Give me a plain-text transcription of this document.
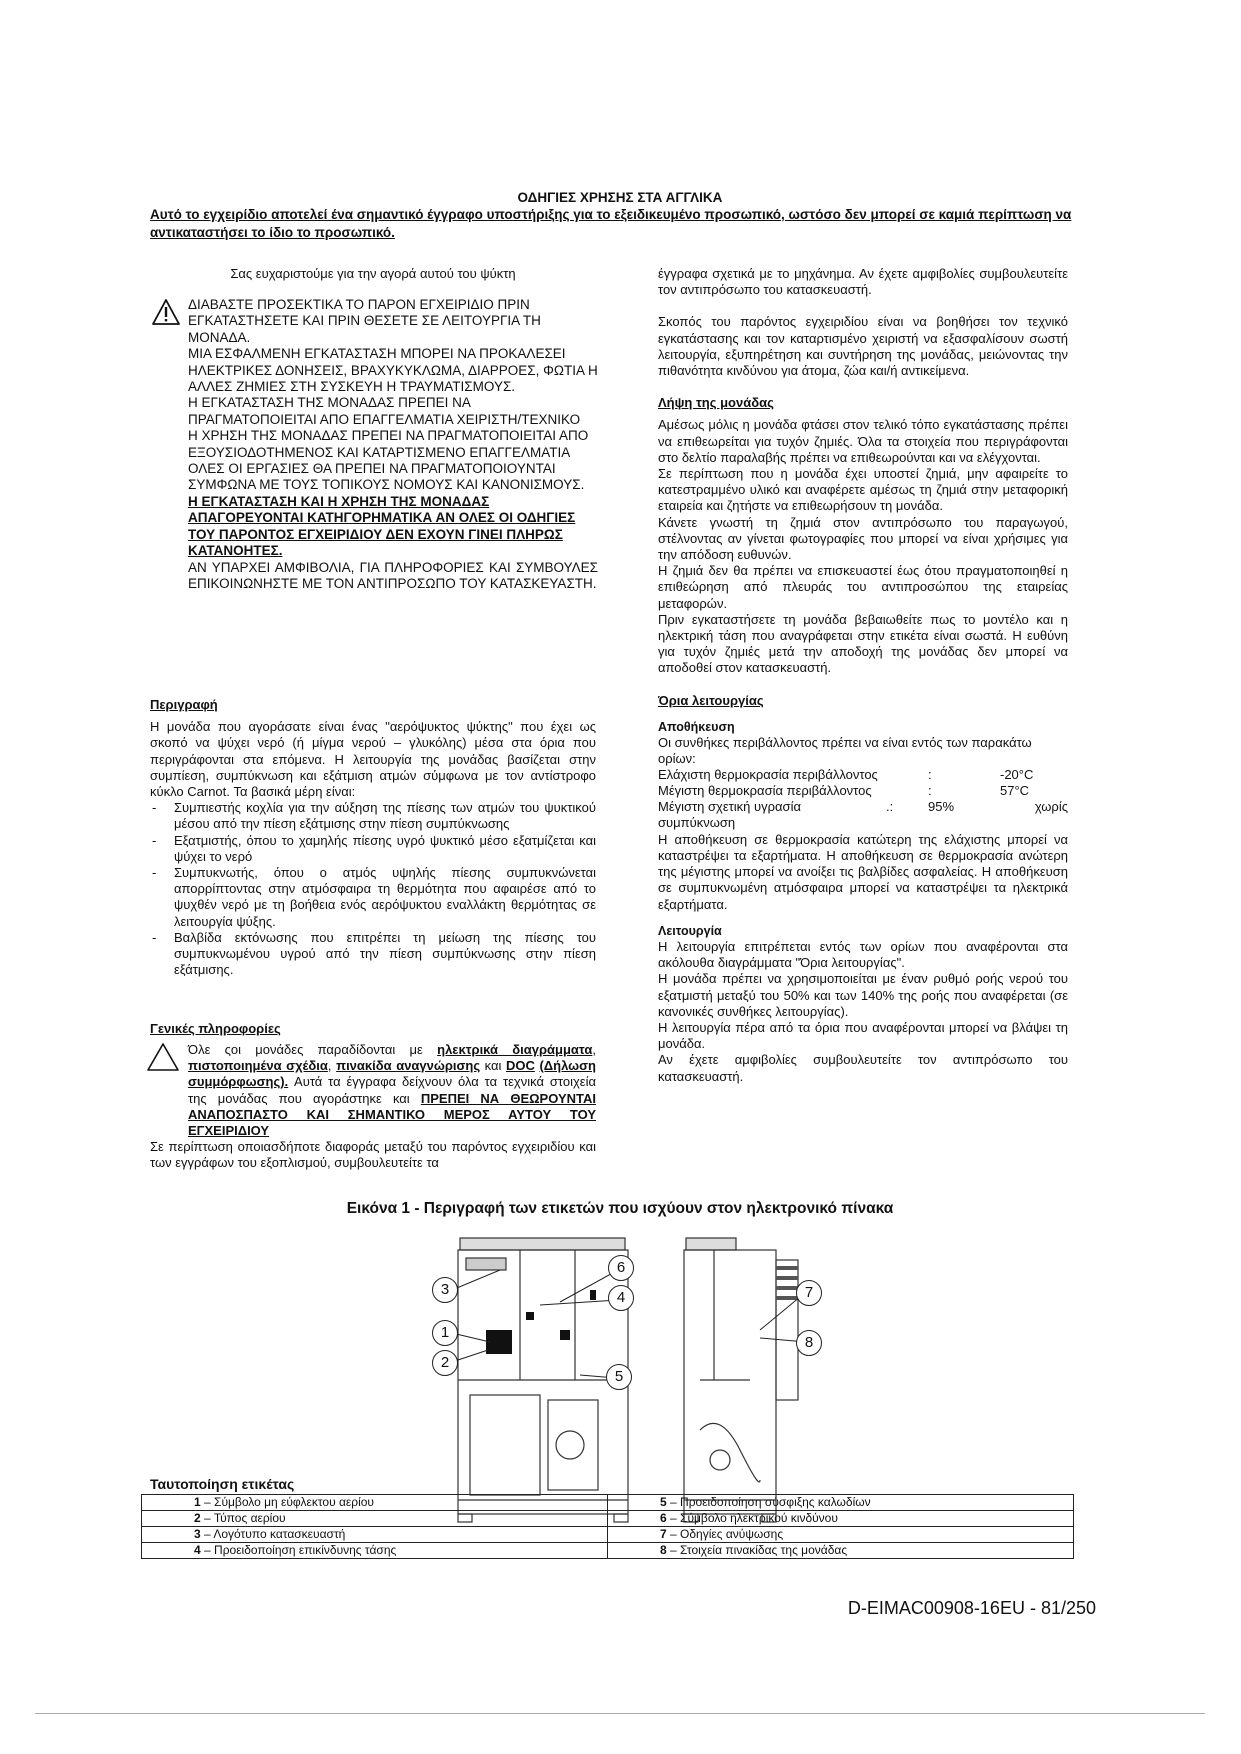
ΟΔΗΓΙΕΣ ΧΡΗΣΗΣ ΣΤΑ ΑΓΓΛΙΚΑ
Αυτό το εγχειρίδιο αποτελεί ένα σημαντικό έγγραφο υποστήριξης για το εξειδικευμένο προσωπικό, ωστόσο δεν μπορεί σε καμιά περίπτωση να αντικαταστήσει το ίδιο το προσωπικό.
Σας ευχαριστούμε για την αγορά αυτού του ψύκτη

ΔΙΑΒΑΣΤΕ ΠΡΟΣΕΚΤΙΚΑ ΤΟ ΠΑΡΟΝ ΕΓΧΕΙΡΙΔΙΟ ΠΡΙΝ ΕΓΚΑΤΑΣΤΗΣΕΤΕ ΚΑΙ ΠΡΙΝ ΘΕΣΕΤΕ ΣΕ ΛΕΙΤΟΥΡΓΙΑ ΤΗ ΜΟΝΑΔΑ.

ΜΙΑ ΕΣΦΑΛΜΕΝΗ ΕΓΚΑΤΑΣΤΑΣΗ ΜΠΟΡΕΙ ΝΑ ΠΡΟΚΑΛΕΣΕΙ ΗΛΕΚΤΡΙΚΕΣ ΔΟΝΗΣΕΙΣ, ΒΡΑΧΥΚΥΚΛΩΜΑ, ΔΙΑΡΡΟΕΣ, ΦΩΤΙΑ Η ΑΛΛΕΣ ΖΗΜΙΕΣ ΣΤΗ ΣΥΣΚΕΥΗ Η ΤΡΑΥΜΑΤΙΣΜΟΥΣ.

Η ΕΓΚΑΤΑΣΤΑΣΗ ΤΗΣ ΜΟΝΑΔΑΣ ΠΡΕΠΕΙ ΝΑ ΠΡΑΓΜΑΤΟΠΟΙΕΙΤΑΙ ΑΠΟ ΕΠΑΓΓΕΛΜΑΤΙΑ ΧΕΙΡΙΣΤΗ/ΤΕΧΝΙΚΟ

Η ΧΡΗΣΗ ΤΗΣ ΜΟΝΑΔΑΣ ΠΡΕΠΕΙ ΝΑ ΠΡΑΓΜΑΤΟΠΟΙΕΙΤΑΙ ΑΠΟ ΕΞΟΥΣΙΟΔΟΤΗΜΕΝΟΣ ΚΑΙ ΚΑΤΑΡΤΙΣΜΕΝΟ ΕΠΑΓΓΕΛΜΑΤΙΑ

ΟΛΕΣ ΟΙ ΕΡΓΑΣΙΕΣ ΘΑ ΠΡΕΠΕΙ ΝΑ ΠΡΑΓΜΑΤΟΠΟΙΟΥΝΤΑΙ ΣΥΜΦΩΝΑ ΜΕ ΤΟΥΣ ΤΟΠΙΚΟΥΣ ΝΟΜΟΥΣ ΚΑΙ ΚΑΝΟΝΙΣΜΟΥΣ.

Η ΕΓΚΑΤΑΣΤΑΣΗ ΚΑΙ Η ΧΡΗΣΗ ΤΗΣ ΜΟΝΑΔΑΣ ΑΠΑΓΟΡΕΥΟΝΤΑΙ ΚΑΤΗΓΟΡΗΜΑΤΙΚΑ ΑΝ ΟΛΕΣ ΟΙ ΟΔΗΓΙΕΣ ΤΟΥ ΠΑΡΟΝΤΟΣ ΕΓΧΕΙΡΙΔΙΟΥ ΔΕΝ ΕΧΟΥΝ ΓΙΝΕΙ ΠΛΗΡΩΣ ΚΑΤΑΝΟΗΤΕΣ.

ΑΝ ΥΠΑΡΧΕΙ ΑΜΦΙΒΟΛΙΑ, ΓΙΑ ΠΛΗΡΟΦΟΡΙΕΣ ΚΑΙ ΣΥΜΒΟΥΛΕΣ ΕΠΙΚΟΙΝΩΝΗΣΤΕ ΜΕ ΤΟΝ ΑΝΤΙΠΡΟΣΩΠΟ ΤΟΥ ΚΑΤΑΣΚΕΥΑΣΤΗ.

Περιγραφή

Η μονάδα που αγοράσατε είναι ένας "αερόψυκτος ψύκτης" που έχει ως σκοπό να ψύχει νερό (ή μίγμα νερού – γλυκόλης) μέσα στα όρια που περιγράφονται στα επόμενα. Η λειτουργία της μονάδας βασίζεται στην συμπίεση, συμπύκνωση και εξάτμιση ατμών σύμφωνα με τον αντίστροφο κύκλο Carnot. Τα βασικά μέρη είναι:

- Συμπιεστής κοχλία για την αύξηση της πίεσης των ατμών του ψυκτικού μέσου από την πίεση εξάτμισης στην πίεση συμπύκνωσης
- Εξατμιστής, όπου το χαμηλής πίεσης υγρό ψυκτικό μέσο εξατμίζεται και ψύχει το νερό
- Συμπυκνωτής, όπου ο ατμός υψηλής πίεσης συμπυκνώνεται απορρίπτοντας στην ατμόσφαιρα τη θερμότητα που αφαιρέσε από το ψυχθέν νερό με τη βοήθεια ενός αερόψυκτου εναλλάκτη θερμότητας σε λειτουργία ψύξης.
- Βαλβίδα εκτόνωσης που επιτρέπει τη μείωση της πίεσης του συμπυκνωμένου υγρού από την πίεση συμπύκνωσης στην πίεση εξάτμισης.
Γενικές πληροφορίες
Όλε ςοι μονάδες παραδίδονται με ηλεκτρικά διαγράμματα, πιστοποιημένα σχέδια, πινακίδα αναγνώρισης και DOC (Δήλωση συμμόρφωσης). Αυτά τα έγγραφα δείχνουν όλα τα τεχνικά στοιχεία της μονάδας που αγοράστηκε και ΠΡΕΠΕΙ ΝΑ ΘΕΩΡΟΥΝΤΑΙ ΑΝΑΠΟΣΠΑΣΤΟ ΚΑΙ ΣΗΜΑΝΤΙΚΟ ΜΕΡΟΣ ΑΥΤΟΥ ΤΟΥ ΕΓΧΕΙΡΙΔΙΟΥ
Σε περίπτωση οποιασδήποτε διαφοράς μεταξύ του παρόντος εγχειριδίου και των εγγράφων του εξοπλισμού, συμβουλευτείτε τα

έγγραφα σχετικά με το μηχάνημα. Αν έχετε αμφιβολίες συμβουλευτείτε τον αντιπρόσωπο του κατασκευαστή.

Σκοπός του παρόντος εγχειριδίου είναι να βοηθήσει τον τεχνικό εγκατάστασης και τον καταρτισμένο χειριστή να εξασφαλίσουν σωστή λειτουργία, εξυπηρέτηση και συντήρηση της μονάδας, μειώνοντας την πιθανότητα κινδύνου για άτομα, ζώα και/ή αντικείμενα.

Λήψη της μονάδας

Αμέσως μόλις η μονάδα φτάσει στον τελικό τόπο εγκατάστασης πρέπει να επιθεωρείται για τυχόν ζημιές. Όλα τα στοιχεία που περιγράφονται στο δελτίο παραλαβής πρέπει να επιθεωρούνται και να ελέγχονται.

Σε περίπτωση που η μονάδα έχει υποστεί ζημιά, μην αφαιρείτε το κατεστραμμένο υλικό και αναφέρετε αμέσως τη ζημιά στην μεταφορική εταιρεία και ζητήστε να επιθεωρήσουν τη μονάδα.

Κάνετε γνωστή τη ζημιά στον αντιπρόσωπο του παραγωγού, στέλνοντας αν γίνεται φωτογραφίες που μπορεί να είναι χρήσιμες για την απόδοση ευθυνών.

Η ζημιά δεν θα πρέπει να επισκευαστεί έως ότου πραγματοποιηθεί η επιθεώρηση από πλευράς του αντιπροσώπου της εταιρείας μεταφορών.

Πριν εγκαταστήσετε τη μονάδα βεβαιωθείτε πως το μοντέλο και η ηλεκτρική τάση που αναγράφεται στην ετικέτα είναι σωστά. Η ευθύνη για τυχόν ζημιές μετά την αποδοχή της μονάδας δεν μπορεί να αποδοθεί στον κατασκευαστή.

Όρια λειτουργίας

Αποθήκευση

Οι συνθήκες περιβάλλοντος πρέπει να είναι εντός των παρακάτω ορίων:

Ελάχιστη θερμοκρασία περιβάλλοντος	:	-20°C
Μέγιστη θερμοκρασία περιβάλλοντος	:	57°C
Μέγιστη σχετική υγρασία	.:	95%	χωρίς

συμπύκνωση

Η αποθήκευση σε θερμοκρασία κατώτερη της ελάχιστης μπορεί να καταστρέψει τα εξαρτήματα. Η αποθήκευση σε θερμοκρασία ανώτερη της μέγιστης μπορεί να ανοίξει τις βαλβίδες ασφαλείας. Η αποθήκευση σε συμπυκνωμένη ατμόσφαιρα μπορεί να καταστρέψει τα ηλεκτρικά εξαρτήματα.

Λειτουργία

Η λειτουργία επιτρέπεται εντός των ορίων που αναφέρονται στα ακόλουθα διαγράμματα "Όρια λειτουργίας".

Η μονάδα πρέπει να χρησιμοποιείται με έναν ρυθμό ροής νερού του εξατμιστή μεταξύ του 50% και των 140% της ροής που αναφέρεται (σε κανονικές συνθήκες λειτουργίας).

Η λειτουργία πέρα από τα όρια που αναφέρονται μπορεί να βλάψει τη μονάδα.

Αν έχετε αμφιβολίες συμβουλευτείτε τον αντιπρόσωπο του κατασκευαστή.

Εικόνα 1 - Περιγραφή των ετικετών που ισχύουν στον ηλεκτρονικό πίνακα
3
6
4
1
2
5
7
8
Ταυτοποίηση ετικέτας
1 – Σύμβολο μη εύφλεκτου αερίου	5 – Προειδοποίηση σύσφιξης καλωδίων
2 – Τύπος αερίου	6 – Σύμβολο ηλεκτρικού κινδύνου
3 – Λογότυπο κατασκευαστή	7 – Οδηγίες ανύψωσης
4 – Προειδοποίηση επικίνδυνης τάσης	8 – Στοιχεία πινακίδας της μονάδας
D-EIMAC00908-16EU - 81/250
